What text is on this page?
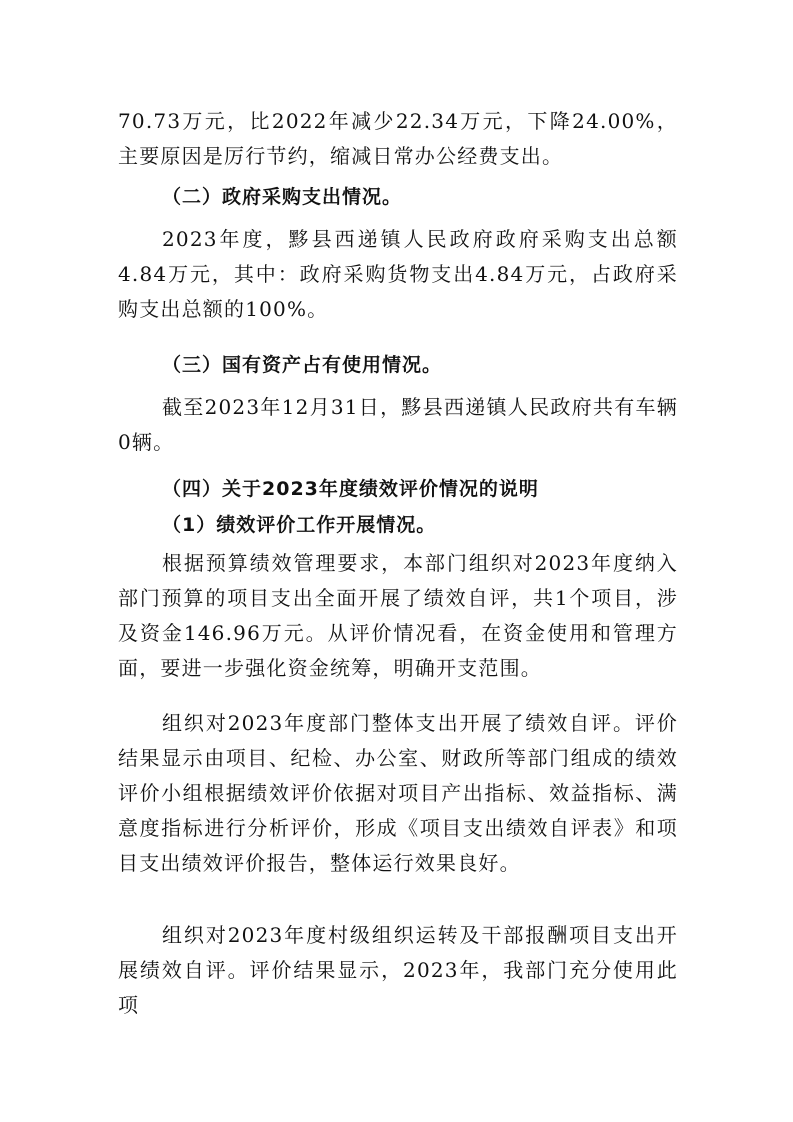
70.73万元，比2022年减少22.34万元，下降24.00%，主要原因是厉行节约，缩减日常办公经费支出。

（二）政府采购支出情况。

2023年度，黟县西递镇人民政府政府采购支出总额4.84万元，其中：政府采购货物支出4.84万元，占政府采购支出总额的100%。

（三）国有资产占有使用情况。

截至2023年12月31日，黟县西递镇人民政府共有车辆0辆。

（四）关于2023年度绩效评价情况的说明

（1）绩效评价工作开展情况。

根据预算绩效管理要求，本部门组织对2023年度纳入部门预算的项目支出全面开展了绩效自评，共1个项目，涉及资金146.96万元。从评价情况看，在资金使用和管理方面，要进一步强化资金统筹，明确开支范围。

组织对2023年度部门整体支出开展了绩效自评。评价结果显示由项目、纪检、办公室、财政所等部门组成的绩效评价小组根据绩效评价依据对项目产出指标、效益指标、满意度指标进行分析评价，形成《项目支出绩效自评表》和项目支出绩效评价报告，整体运行效果良好。

组织对2023年度村级组织运转及干部报酬项目支出开展绩效自评。评价结果显示，2023年，我部门充分使用此项
